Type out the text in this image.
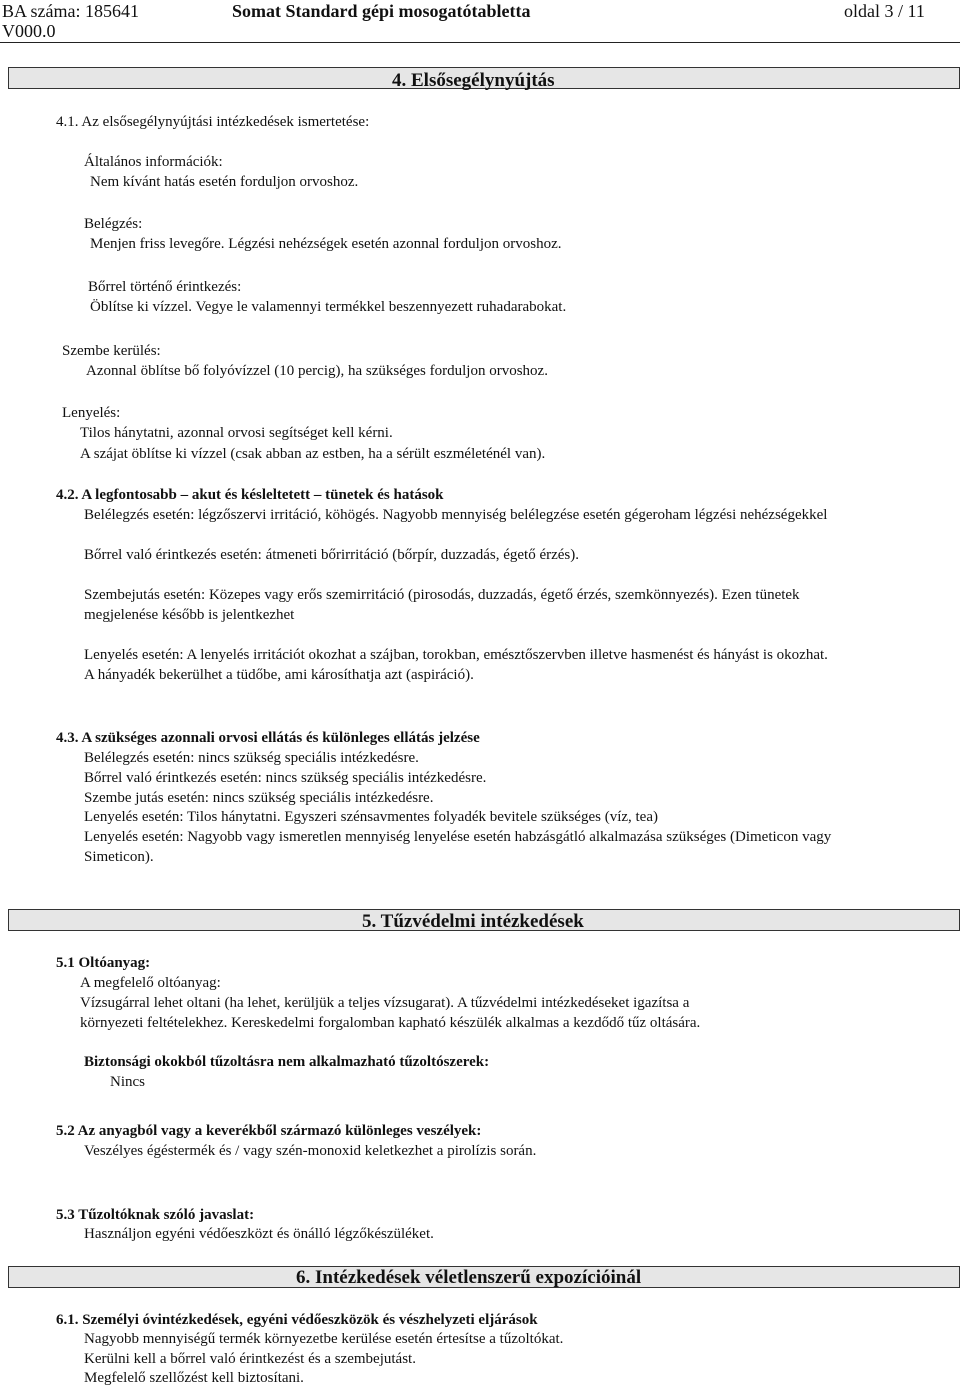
BA száma: 185641
V000.0
Somat Standard gépi mosogatótabletta	oldal 3 / 11
4. Elsősegélynyújtás
4.1. Az elsősegélynyújtási intézkedések ismertetése:
Általános információk:
Nem kívánt hatás esetén forduljon orvoshoz.
Belégzés:
Menjen friss levegőre. Légzési nehézségek esetén azonnal forduljon orvoshoz.
Bőrrel történő érintkezés:
Öblítse ki vízzel. Vegye le valamennyi termékkel beszennyezett ruhadarabokat.
Szembe kerülés:
Azonnal öblítse bő folyóvízzel (10 percig), ha szükséges forduljon orvoshoz.
Lenyelés:
Tilos hánytatni, azonnal orvosi segítséget kell kérni.
A szájat öblítse ki vízzel (csak abban az estben, ha a sérült eszméleténél van).
4.2. A legfontosabb – akut és késleltetett – tünetek és hatások
Belélegzés esetén: légzőszervi irritáció, köhögés. Nagyobb mennyiség belélegzése esetén gégeroham légzési nehézségekkel
Bőrrel való érintkezés esetén: átmeneti bőrirritáció (bőrpír, duzzadás, égető érzés).
Szembejutás esetén: Közepes vagy erős szemirritáció (pirosodás, duzzadás, égető érzés, szemkönnyezés). Ezen tünetek
megjelenése később is jelentkezhet
Lenyelés esetén: A lenyelés irritációt okozhat a szájban, torokban, emésztőszervben illetve hasmenést és hányást is okozhat.
A hányadék bekerülhet a tüdőbe, ami károsíthatja azt (aspiráció).
4.3. A szükséges azonnali orvosi ellátás és különleges ellátás jelzése
Belélegzés esetén: nincs szükség speciális intézkedésre.
Bőrrel való érintkezés esetén: nincs szükség speciális intézkedésre.
Szembe jutás esetén: nincs szükség speciális intézkedésre.
Lenyelés esetén: Tilos hánytatni. Egyszeri szénsavmentes folyadék bevitele szükséges (víz, tea)
Lenyelés esetén: Nagyobb vagy ismeretlen mennyiség lenyelése esetén habzásgátló alkalmazása szükséges (Dimeticon vagy
Simeticon).
5. Tűzvédelmi intézkedések
5.1 Oltóanyag:
A megfelelő oltóanyag:
Vízsugárral lehet oltani (ha lehet, kerüljük a teljes vízsugarat). A tűzvédelmi intézkedéseket igazítsa a
környezeti feltételekhez. Kereskedelmi forgalomban kapható készülék alkalmas a kezdődő tűz oltására.
Biztonsági okokból tűzoltásra nem alkalmazható tűzoltószerek:
Nincs
5.2 Az anyagból vagy a keverékből származó különleges veszélyek:
Veszélyes égéstermék és / vagy szén-monoxid keletkezhet a pirolízis során.
5.3 Tűzoltóknak szóló javaslat:
Használjon egyéni védőeszközt és önálló légzőkészüléket.
6. Intézkedések véletlenszerű expozícióinál
6.1. Személyi óvintézkedések, egyéni védőeszközök és vészhelyzeti eljárások
Nagyobb mennyiségű termék környezetbe kerülése esetén értesítse a tűzoltókat.
Kerülni kell a bőrrel való érintkezést és a szembejutást.
Megfelelő szellőzést kell biztosítani.
